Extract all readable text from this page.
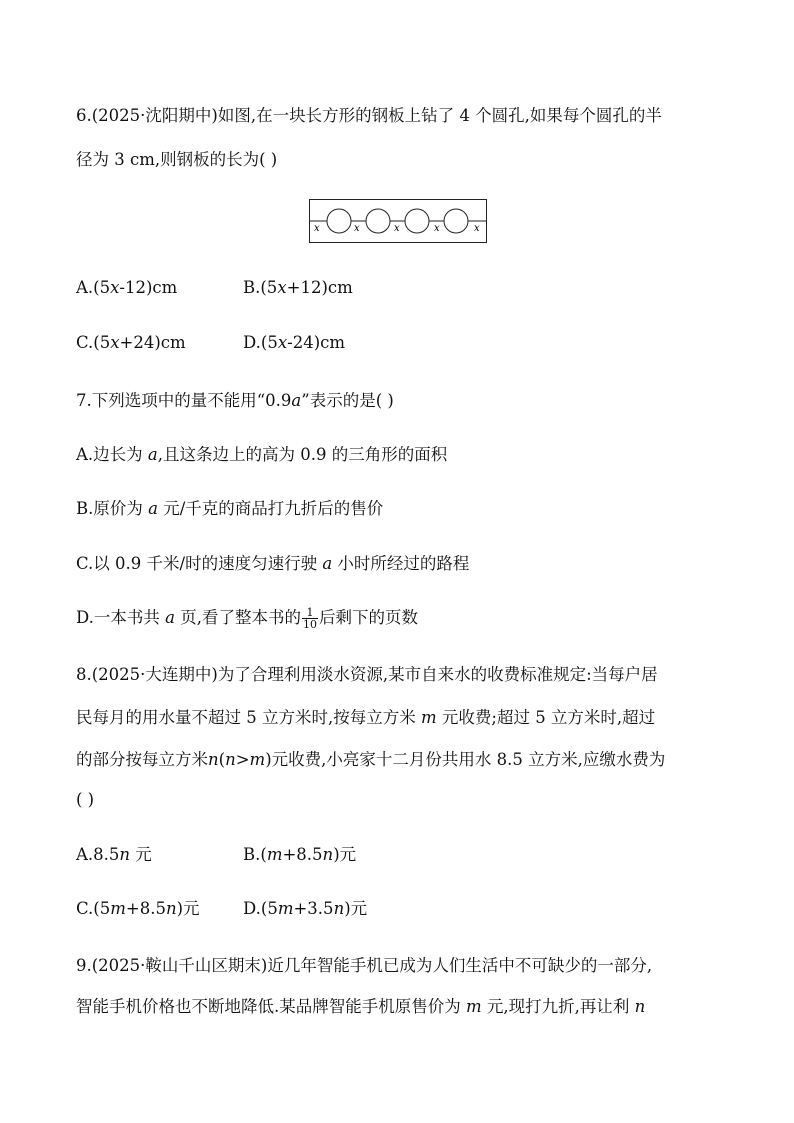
6.(2025·沈阳期中)如图,在一块长方形的钢板上钻了 4 个圆孔,如果每个圆孔的半
径为 3 cm,则钢板的长为( )
x	x	x	x	x
A.(5x-12)cm	B.(5x+12)cm
C.(5x+24)cm	D.(5x-24)cm
7.下列选项中的量不能用“0.9a”表示的是( )
A.边长为 a,且这条边上的高为 0.9 的三角形的面积
B.原价为 a 元/千克的商品打九折后的售价
C.以 0.9 千米/时的速度匀速行驶 a 小时所经过的路程
D.一本书共 a 页,看了整本书的 $\frac{1}{10}$ 后剩下的页数
8.(2025·大连期中)为了合理利用淡水资源,某市自来水的收费标准规定:当每户居
民每月的用水量不超过 5 立方米时,按每立方米 m 元收费;超过 5 立方米时,超过
的部分按每立方米n(n>m)元收费,小亮家十二月份共用水 8.5 立方米,应缴水费为
( )
A.8.5n 元	B.(m+8.5n)元
C.(5m+8.5n)元	D.(5m+3.5n)元
9.(2025·鞍山千山区期末)近几年智能手机已成为人们生活中不可缺少的一部分,
智能手机价格也不断地降低.某品牌智能手机原售价为 m 元,现打九折,再让利 n
